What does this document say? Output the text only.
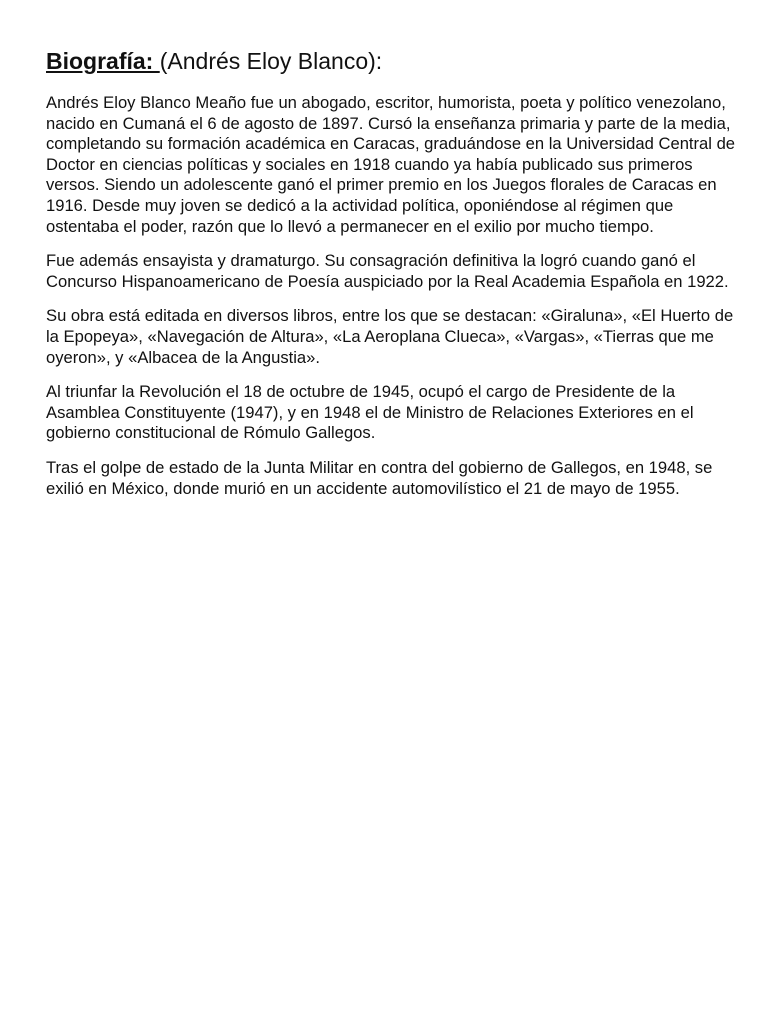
Biografía: (Andrés Eloy Blanco):

Andrés Eloy Blanco Meaño fue un abogado, escritor, humorista, poeta y político venezolano, nacido en Cumaná el 6 de agosto de 1897. Cursó la enseñanza primaria y parte de la media, completando su formación académica en Caracas, graduándose en la Universidad Central de Doctor en ciencias políticas y sociales en 1918 cuando ya había publicado sus primeros versos. Siendo un adolescente ganó el primer premio en los Juegos florales de Caracas en 1916. Desde muy joven se dedicó a la actividad política, oponiéndose al régimen que ostentaba el poder, razón que lo llevó a permanecer en el exilio por mucho tiempo.

Fue además ensayista y dramaturgo. Su consagración definitiva la logró cuando ganó el Concurso Hispanoamericano de Poesía auspiciado por la Real Academia Española en 1922.

Su obra está editada en diversos libros, entre los que se destacan: «Giraluna», «El Huerto de la Epopeya», «Navegación de Altura», «La Aeroplana Clueca», «Vargas», «Tierras que me oyeron», y «Albacea de la Angustia».

Al triunfar la Revolución el 18 de octubre de 1945, ocupó el cargo de Presidente de la Asamblea Constituyente (1947), y en 1948 el de Ministro de Relaciones Exteriores en el gobierno constitucional de Rómulo Gallegos.

Tras el golpe de estado de la Junta Militar en contra del gobierno de Gallegos, en 1948, se exilió en México, donde murió en un accidente automovilístico el 21 de mayo de 1955.
